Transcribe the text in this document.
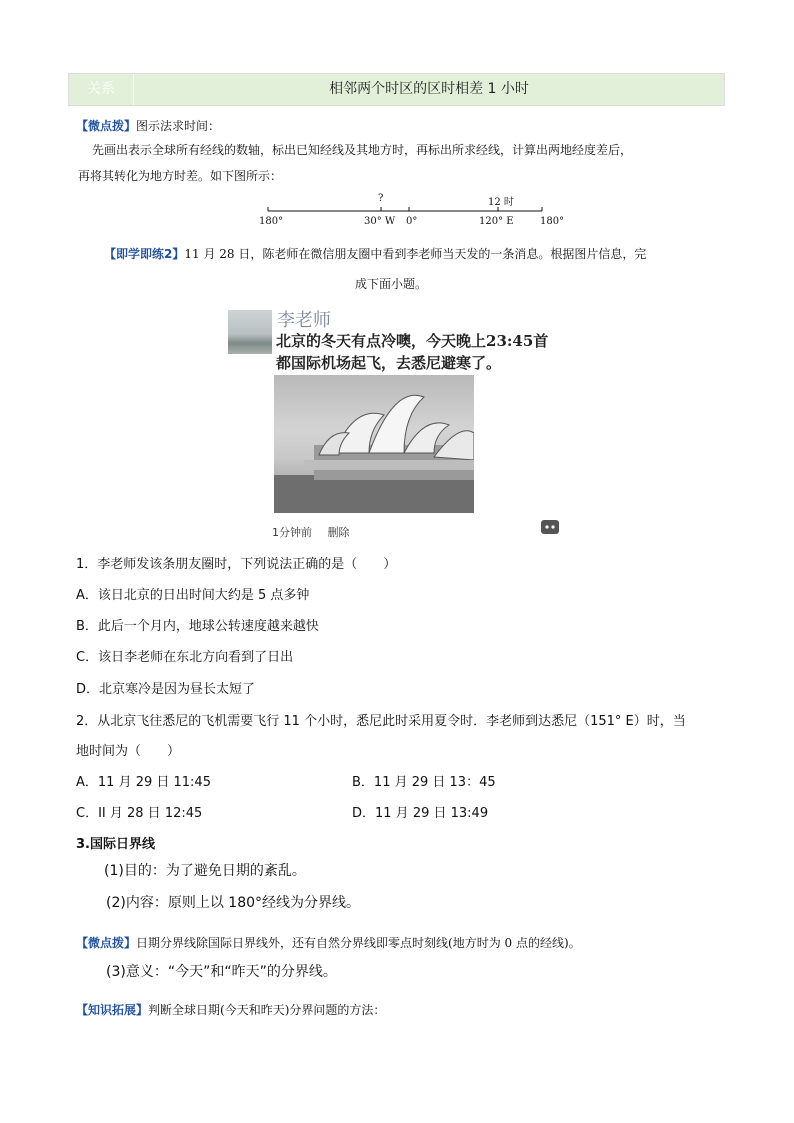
关系	相邻两个时区的区时相差 1 小时
【微点拨】图示法求时间：
先画出表示全球所有经线的数轴，标出已知经线及其地方时，再标出所求经线，计算出两地经度差后，
再将其转化为地方时差。如下图所示：
?	12 时
180°	30° W 0°	120° E	180°
【即学即练2】11 月 28 日，陈老师在微信朋友圈中看到李老师当天发的一条消息。根据图片信息，完
成下面小题。
李老师
北京的冬天有点冷噢，今天晚上23:45首
都国际机场起飞，去悉尼避寒了。
1分钟前 删除
1．李老师发该条朋友圈时，下列说法正确的是（　　）
A．该日北京的日出时间大约是 5 点多钟
B．此后一个月内，地球公转速度越来越快
C．该日李老师在东北方向看到了日出
D．北京寒冷是因为昼长太短了
2．从北京飞往悉尼的飞机需要飞行 11 个小时，悉尼此时采用夏令时．李老师到达悉尼（151° E）时，当
地时间为（　　）
A．11 月 29 日 11:45	B．11 月 29 日 13：45
C．II 月 28 日 12:45	D．11 月 29 日 13:49
3.国际日界线
(1)目的：为了避免日期的紊乱。
(2)内容：原则上以 180°经线为分界线。
【微点拨】日期分界线除国际日界线外，还有自然分界线即零点时刻线(地方时为 0 点的经线)。
(3)意义：“今天”和“昨天”的分界线。
【知识拓展】判断全球日期(今天和昨天)分界问题的方法：
